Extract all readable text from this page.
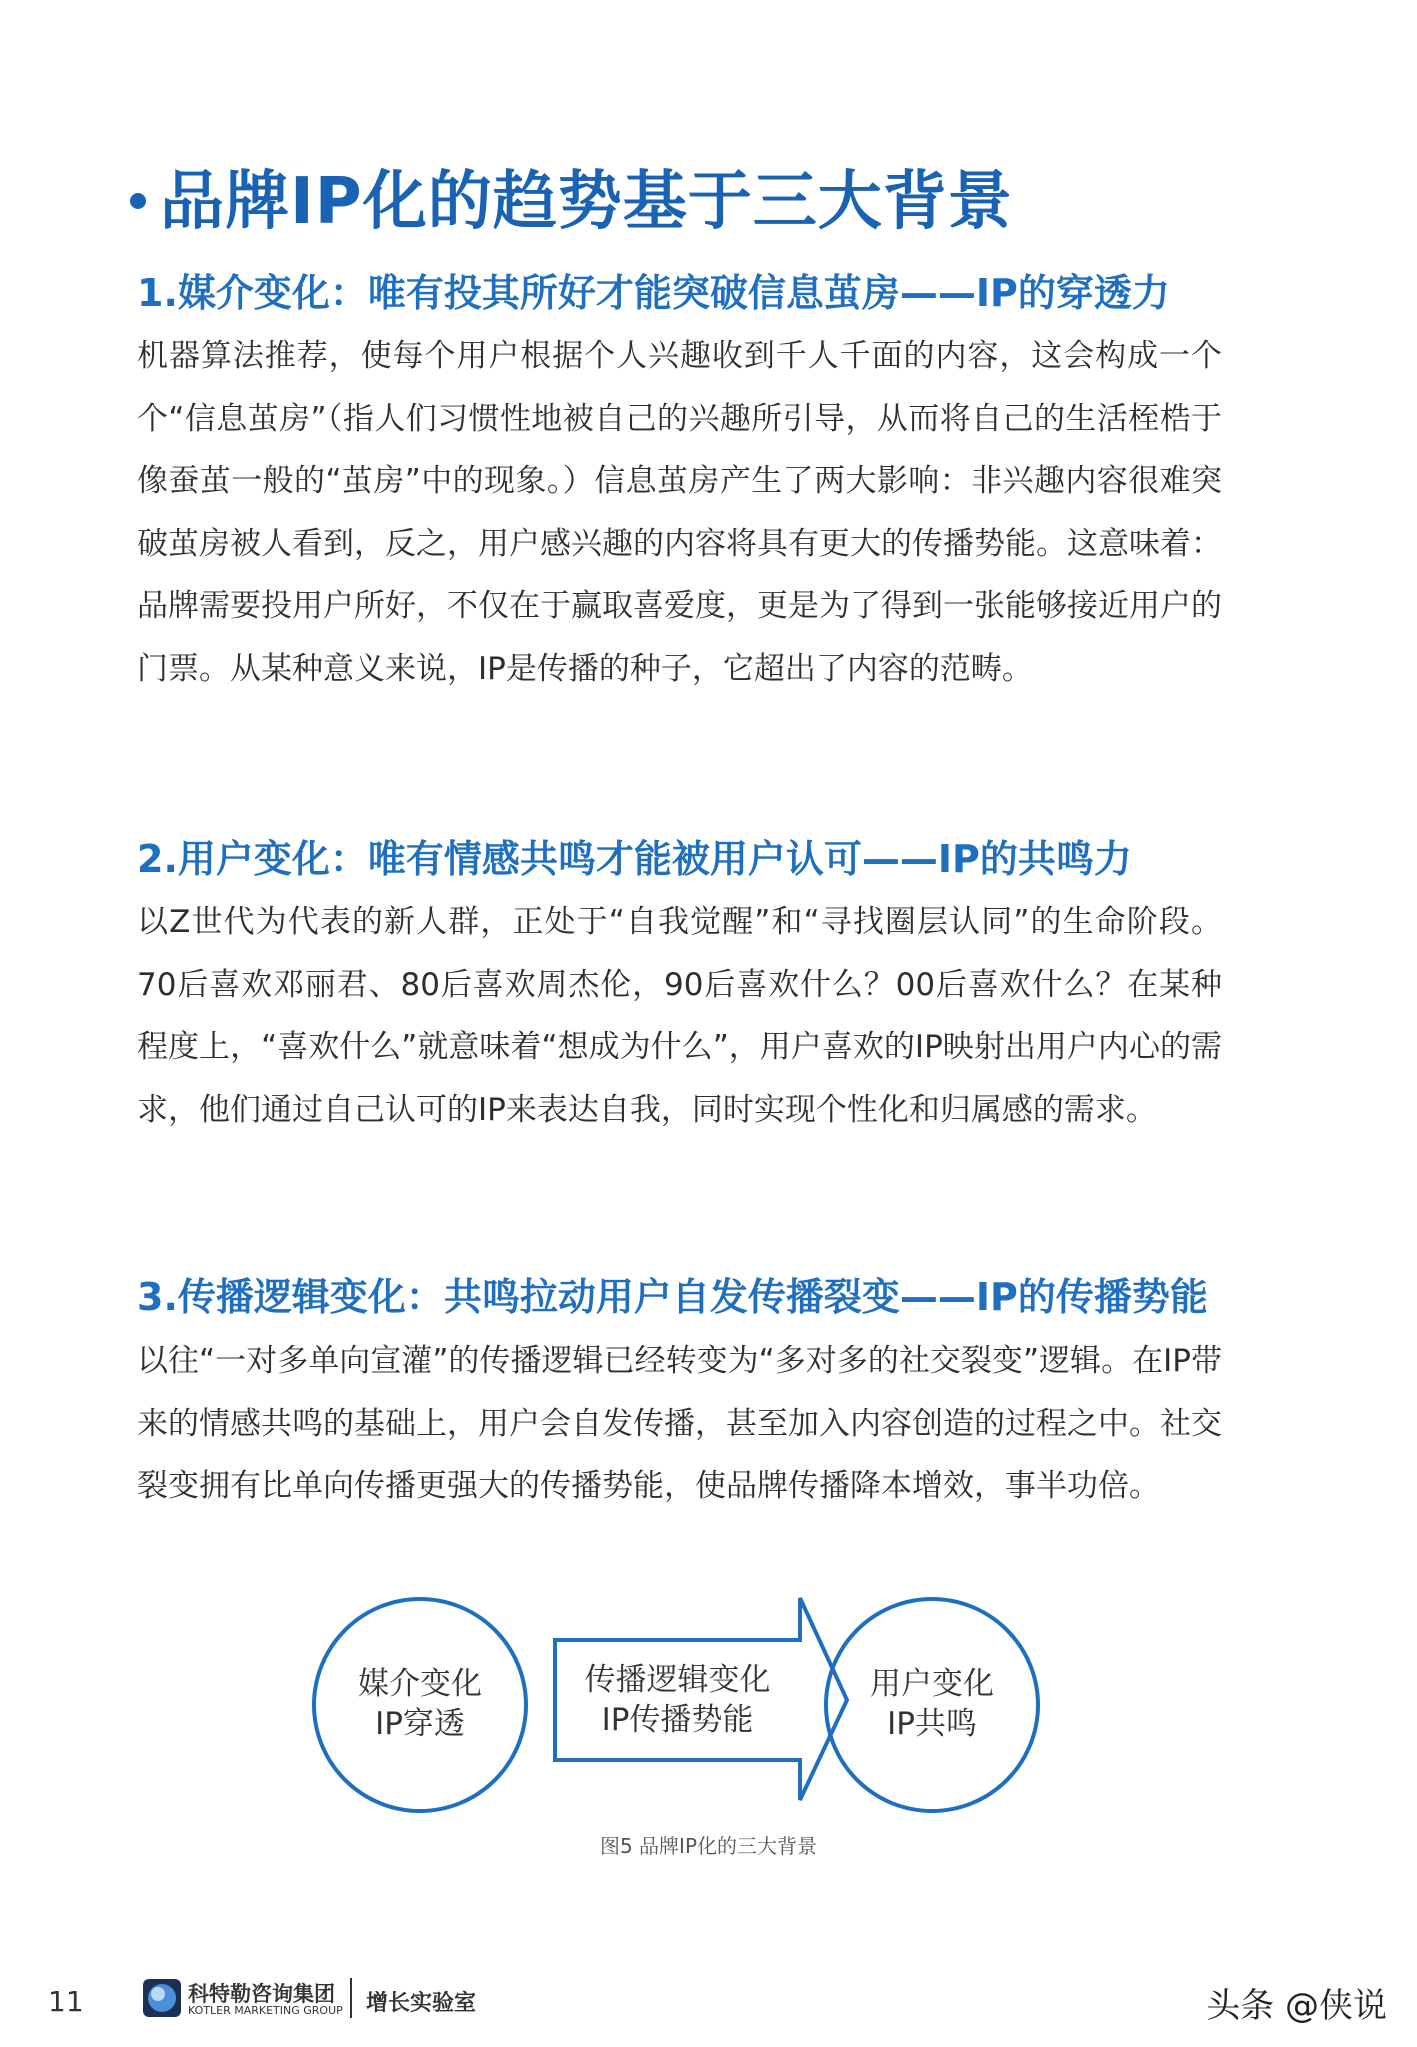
品牌IP化的趋势基于三大背景
1.媒介变化：唯有投其所好才能突破信息茧房——IP的穿透力

机器算法推荐，使每个用户根据个人兴趣收到千人千面的内容，这会构成一个个“信息茧房”（指人们习惯性地被自己的兴趣所引导，从而将自己的生活桎梏于像蚕茧一般的“茧房”中的现象。）信息茧房产生了两大影响：非兴趣内容很难突破茧房被人看到，反之，用户感兴趣的内容将具有更大的传播势能。这意味着：品牌需要投用户所好，不仅在于赢取喜爱度，更是为了得到一张能够接近用户的门票。从某种意义来说，IP是传播的种子，它超出了内容的范畴。

2.用户变化：唯有情感共鸣才能被用户认可——IP的共鸣力

以Z世代为代表的新人群，正处于“自我觉醒”和“寻找圈层认同”的生命阶段。70后喜欢邓丽君、80后喜欢周杰伦，90后喜欢什么？00后喜欢什么？在某种程度上，“喜欢什么”就意味着“想成为什么”，用户喜欢的IP映射出用户内心的需求，他们通过自己认可的IP来表达自我，同时实现个性化和归属感的需求。

3.传播逻辑变化：共鸣拉动用户自发传播裂变——IP的传播势能

以往“一对多单向宣灌”的传播逻辑已经转变为“多对多的社交裂变”逻辑。在IP带来的情感共鸣的基础上，用户会自发传播，甚至加入内容创造的过程之中。社交裂变拥有比单向传播更强大的传播势能，使品牌传播降本增效，事半功倍。

媒介变化
IP穿透
传播逻辑变化
IP传播势能
用户变化
IP共鸣
图5 品牌IP化的三大背景
11	科特勒咨询集团
KOTLER MARKETING GROUP 增长实验室	头条 @侠说
